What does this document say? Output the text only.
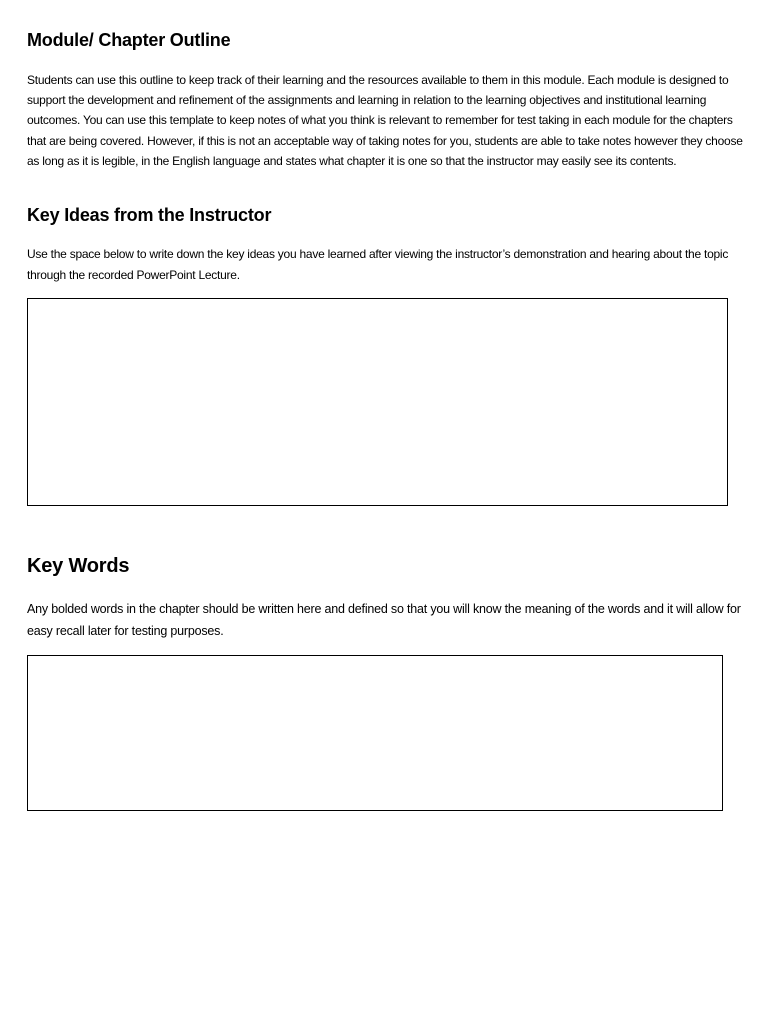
Module/ Chapter Outline

Students can use this outline to keep track of their learning and the resources available to them in this module. Each module is designed to support the development and refinement of the assignments and learning in relation to the learning objectives and institutional learning outcomes. You can use this template to keep notes of what you think is relevant to remember for test taking in each module for the chapters that are being covered. However, if this is not an acceptable way of taking notes for you, students are able to take notes however they choose as long as it is legible, in the English language and states what chapter it is one so that the instructor may easily see its contents.

Key Ideas from the Instructor

Use the space below to write down the key ideas you have learned after viewing the instructor’s demonstration and hearing about the topic through the recorded PowerPoint Lecture.

Key Words

Any bolded words in the chapter should be written here and defined so that you will know the meaning of the words and it will allow for easy recall later for testing purposes.
